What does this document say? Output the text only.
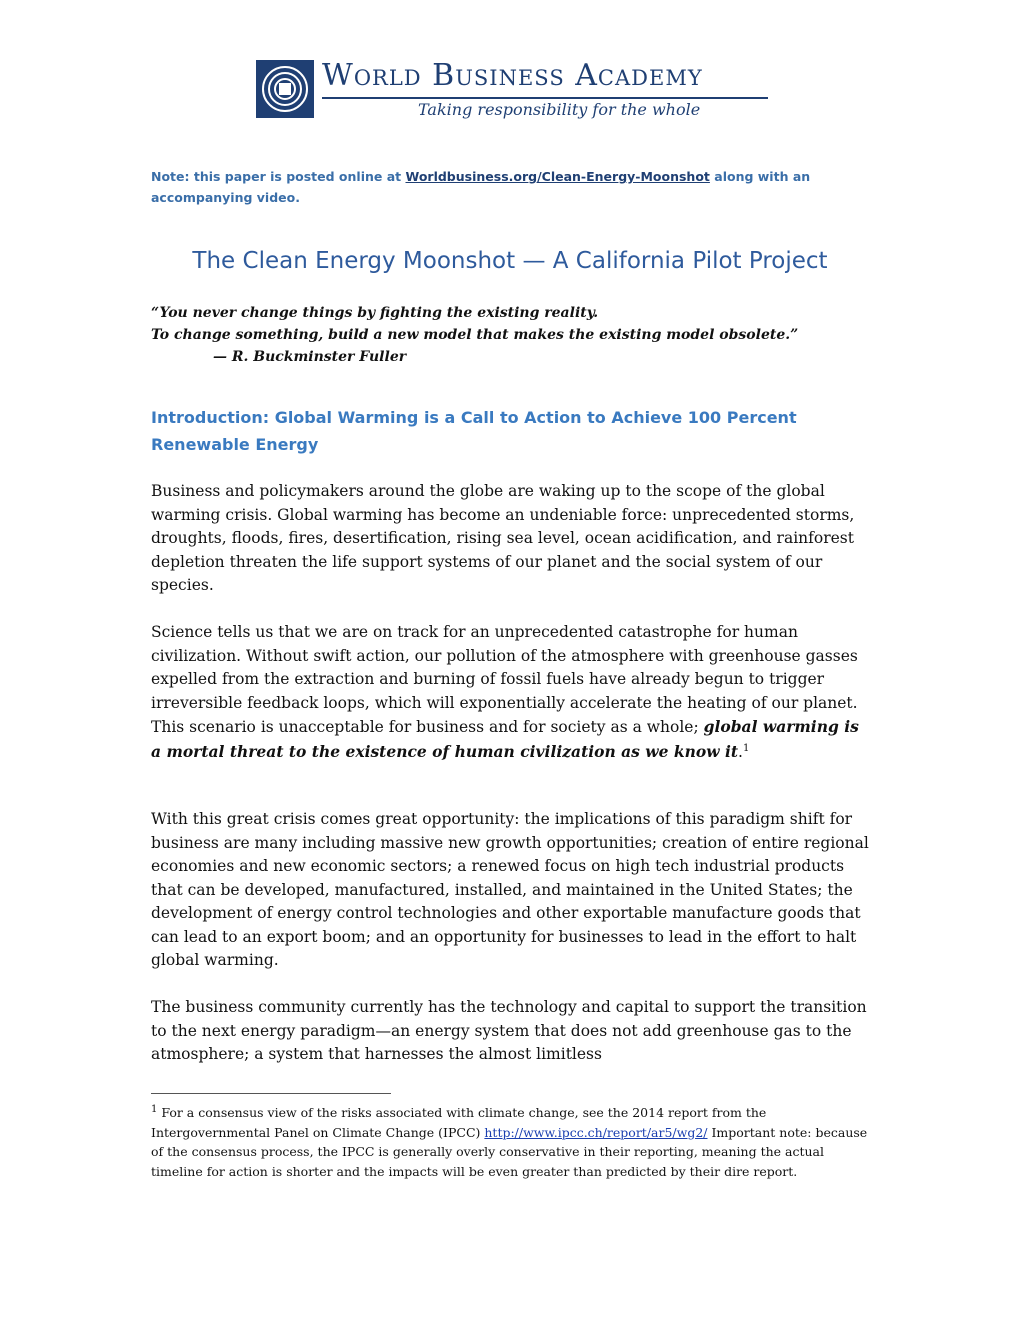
World Business Academy
Taking responsibility for the whole
Note: this paper is posted online at Worldbusiness.org/Clean-Energy-Moonshot along with an accompanying video.
The Clean Energy Moonshot — A California Pilot Project
“You never change things by fighting the existing reality.
To change something, build a new model that makes the existing model obsolete.”
— R. Buckminster Fuller
Introduction: Global Warming is a Call to Action to Achieve 100 Percent Renewable Energy
Business and policymakers around the globe are waking up to the scope of the global warming crisis. Global warming has become an undeniable force: unprecedented storms, droughts, floods, fires, desertification, rising sea level, ocean acidification, and rainforest depletion threaten the life support systems of our planet and the social system of our species.
Science tells us that we are on track for an unprecedented catastrophe for human civilization. Without swift action, our pollution of the atmosphere with greenhouse gasses expelled from the extraction and burning of fossil fuels have already begun to trigger irreversible feedback loops, which will exponentially accelerate the heating of our planet. This scenario is unacceptable for business and for society as a whole; global warming is a mortal threat to the existence of human civilization as we know it.$^1$
With this great crisis comes great opportunity: the implications of this paradigm shift for business are many including massive new growth opportunities; creation of entire regional economies and new economic sectors; a renewed focus on high tech industrial products that can be developed, manufactured, installed, and maintained in the United States; the development of energy control technologies and other exportable manufacture goods that can lead to an export boom; and an opportunity for businesses to lead in the effort to halt global warming.
The business community currently has the technology and capital to support the transition to the next energy paradigm—an energy system that does not add greenhouse gas to the atmosphere; a system that harnesses the almost limitless
$^1$ For a consensus view of the risks associated with climate change, see the 2014 report from the Intergovernmental Panel on Climate Change (IPCC) http://www.ipcc.ch/report/ar5/wg2/ Important note: because of the consensus process, the IPCC is generally overly conservative in their reporting, meaning the actual timeline for action is shorter and the impacts will be even greater than predicted by their dire report.
